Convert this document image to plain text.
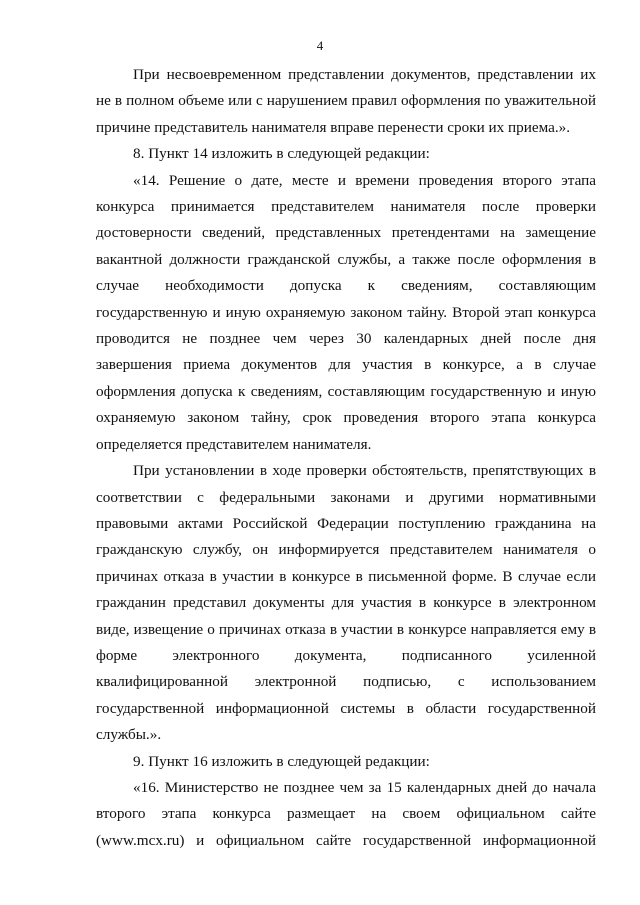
4

При несвоевременном представлении документов, представлении их не в полном объеме или с нарушением правил оформления по уважительной причине представитель нанимателя вправе перенести сроки их приема.».

8. Пункт 14 изложить в следующей редакции:

«14. Решение о дате, месте и времени проведения второго этапа конкурса принимается представителем нанимателя после проверки достоверности сведений, представленных претендентами на замещение вакантной должности гражданской службы, а также после оформления в случае необходимости допуска к сведениям, составляющим государственную и иную охраняемую законом тайну. Второй этап конкурса проводится не позднее чем через 30 календарных дней после дня завершения приема документов для участия в конкурсе, а в случае оформления допуска к сведениям, составляющим государственную и иную охраняемую законом тайну, срок проведения второго этапа конкурса определяется представителем нанимателя.

При установлении в ходе проверки обстоятельств, препятствующих в соответствии с федеральными законами и другими нормативными правовыми актами Российской Федерации поступлению гражданина на гражданскую службу, он информируется представителем нанимателя о причинах отказа в участии в конкурсе в письменной форме. В случае если гражданин представил документы для участия в конкурсе в электронном виде, извещение о причинах отказа в участии в конкурсе направляется ему в форме электронного документа, подписанного усиленной квалифицированной электронной подписью, с использованием государственной информационной системы в области государственной службы.».

9. Пункт 16 изложить в следующей редакции:

«16. Министерство не позднее чем за 15 календарных дней до начала второго этапа конкурса размещает на своем официальном сайте (www.mcx.ru) и официальном сайте государственной информационной
